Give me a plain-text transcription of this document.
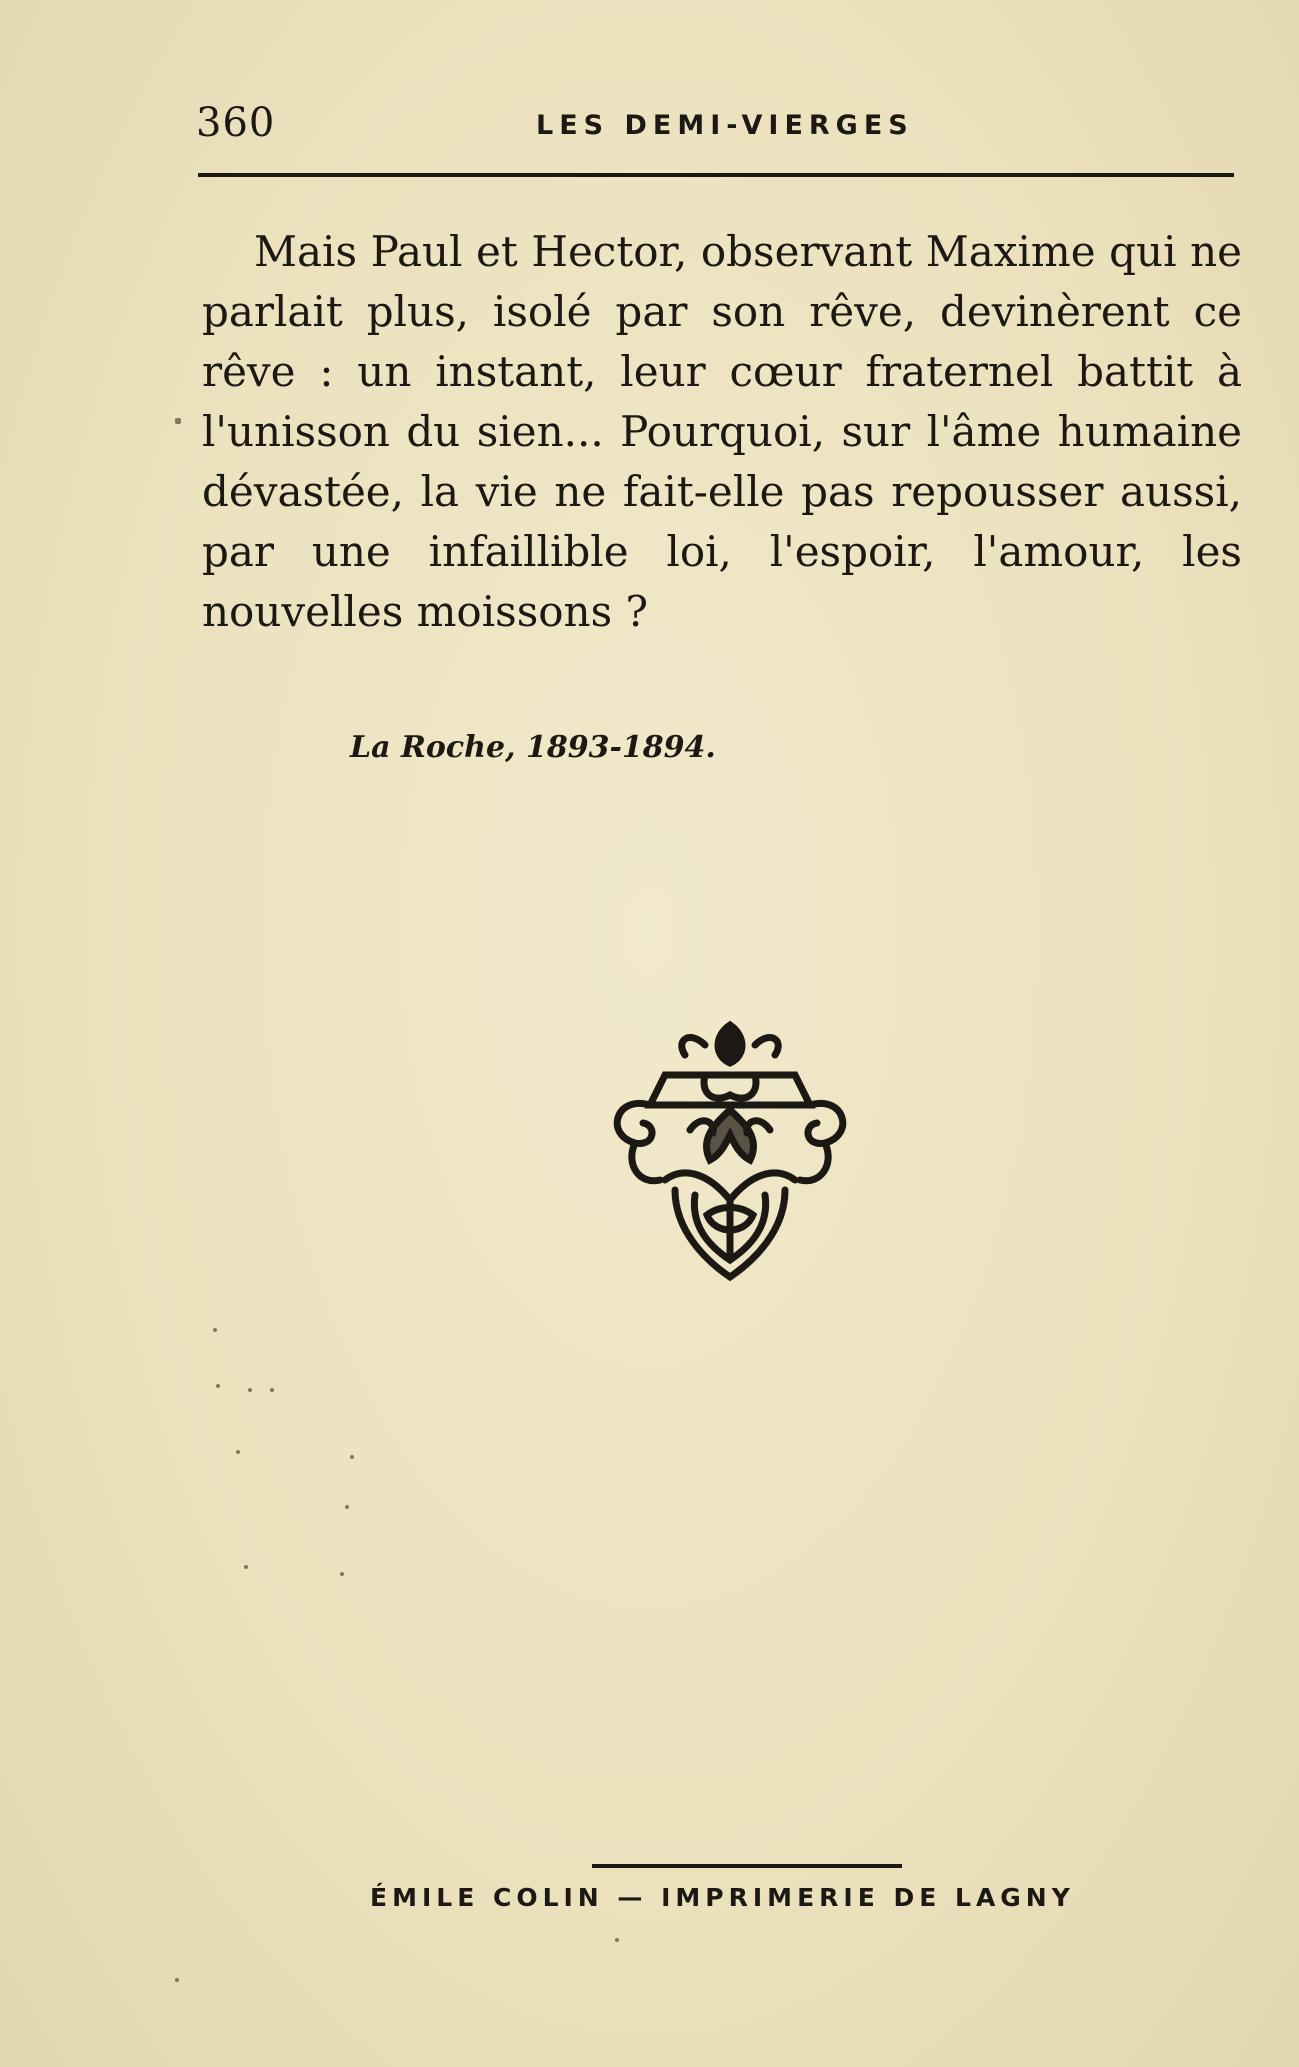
360	LES DEMI-VIERGES

Mais Paul et Hector, observant Maxime qui ne parlait plus, isolé par son rêve, devinèrent ce rêve : un instant, leur cœur fraternel battit à l'unisson du sien... Pourquoi, sur l'âme humaine dévastée, la vie ne fait-elle pas repousser aussi, par une infaillible loi, l'espoir, l'amour, les nouvelles moissons ?

La Roche, 1893-1894.
ÉMILE COLIN — IMPRIMERIE DE LAGNY
